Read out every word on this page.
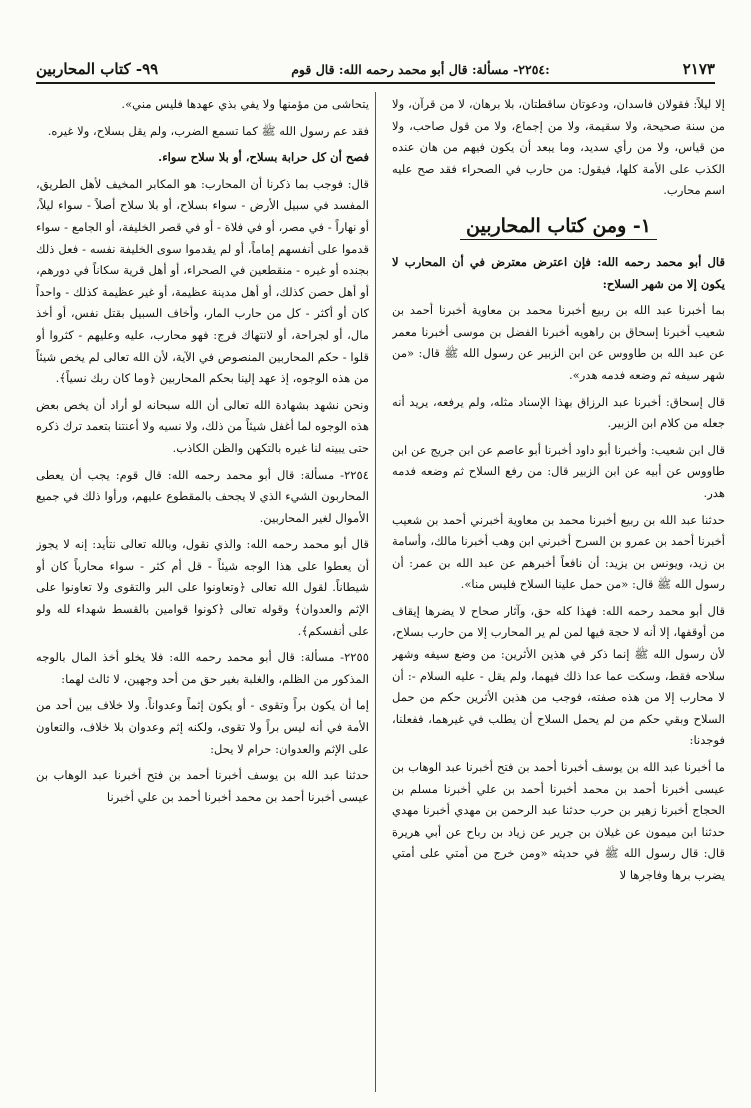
٩٩- كتاب المحاربين	٢٢٥٤- مسألة: قال أبو محمد رحمه الله: قال قوم:	٢١٧٣

إلا ليلاً: فقولان فاسدان، ودعوتان ساقطتان، بلا برهان، لا من قرآن، ولا من سنة صحيحة، ولا سقيمة، ولا من إجماع، ولا من قول صاحب، ولا من قياس، ولا من رأي سديد، وما يبعد أن يكون فيهم من هان عنده الكذب على الأمة كلها، فيقول: من حارب في الصحراء فقد صح عليه اسم محارب.

١- ومن كتاب المحاربين

قال أبو محمد رحمه الله: فإن اعترض معترض في أن المحارب لا يكون إلا من شهر السلاح:

بما أخبرنا عبد الله بن ربيع أخبرنا محمد بن معاوية أخبرنا أحمد بن شعيب أخبرنا إسحاق بن راهويه أخبرنا الفضل بن موسى أخبرنا معمر عن عبد الله بن طاووس عن ابن الزبير عن رسول الله ﷺ قال: «من شهر سيفه ثم وضعه فدمه هدر».

قال إسحاق: أخبرنا عبد الرزاق بهذا الإسناد مثله، ولم يرفعه، يريد أنه جعله من كلام ابن الزبير.

قال ابن شعيب: وأخبرنا أبو داود أخبرنا أبو عاصم عن ابن جريج عن ابن طاووس عن أبيه عن ابن الزبير قال: من رفع السلاح ثم وضعه فدمه هدر.

حدثنا عبد الله بن ربيع أخبرنا محمد بن معاوية أخبرني أحمد بن شعيب أخبرنا أحمد بن عمرو بن السرح أخبرني ابن وهب أخبرنا مالك، وأسامة بن زيد، ويونس بن يزيد: أن نافعاً أخبرهم عن عبد الله بن عمر: أن رسول الله ﷺ قال: «من حمل علينا السلاح فليس منا».

قال أبو محمد رحمه الله: فهذا كله حق، وآثار صحاح لا يضرها إيقاف من أوقفها، إلا أنه لا حجة فيها لمن لم ير المحارب إلا من حارب بسلاح، لأن رسول الله ﷺ إنما ذكر في هذين الأثرين: من وضع سيفه وشهر سلاحه فقط، وسكت عما عدا ذلك فيهما، ولم يقل - عليه السلام -: أن لا محارب إلا من هذه صفته، فوجب من هذين الأثرين حكم من حمل السلاح وبقي حكم من لم يحمل السلاح أن يطلب في غيرهما، ففعلنا، فوجدنا:

ما أخبرنا عبد الله بن يوسف أخبرنا أحمد بن فتح أخبرنا عبد الوهاب بن عيسى أخبرنا أحمد بن محمد أخبرنا أحمد بن علي أخبرنا مسلم بن الحجاج أخبرنا زهير بن حرب حدثنا عبد الرحمن بن مهدي أخبرنا مهدي حدثنا ابن ميمون عن غيلان بن جرير عن زياد بن رباح عن أبي هريرة قال: قال رسول الله ﷺ في حديثه «ومن خرج من أمتي على أمتي يضرب برها وفاجرها لا

يتحاشى من مؤمنها ولا يفي بذي عهدها فليس مني».

فقد عم رسول الله ﷺ كما تسمع الضرب، ولم يقل بسلاح، ولا غيره.

فصح أن كل حرابة بسلاح، أو بلا سلاح سواء.

قال: فوجب بما ذكرنا أن المحارب: هو المكابر المخيف لأهل الطريق، المفسد في سبيل الأرض - سواء بسلاح، أو بلا سلاح أصلاً - سواء ليلاً، أو نهاراً - في مصر، أو في فلاة - أو في قصر الخليفة، أو الجامع - سواء قدموا على أنفسهم إماماً، أو لم يقدموا سوى الخليفة نفسه - فعل ذلك بجنده أو غيره - منقطعين في الصحراء، أو أهل قرية سكاناً في دورهم، أو أهل حصن كذلك، أو أهل مدينة عظيمة، أو غير عظيمة كذلك - واحداً كان أو أكثر - كل من حارب المار، وأخاف السبيل بقتل نفس، أو أخذ مال، أو لجراحة، أو لانتهاك فرج: فهو محارب، عليه وعليهم - كثروا أو قلوا - حكم المحاربين المنصوص في الآية، لأن الله تعالى لم يخص شيئاً من هذه الوجوه، إذ عهد إلينا بحكم المحاربين ﴿وما كان ربك نسياً﴾.

ونحن نشهد بشهادة الله تعالى أن الله سبحانه لو أراد أن يخص بعض هذه الوجوه لما أغفل شيئاً من ذلك، ولا نسيه ولا أعنتنا بتعمد ترك ذكره حتى يبينه لنا غيره بالتكهن والظن الكاذب.

٢٢٥٤- مسألة: قال أبو محمد رحمه الله: قال قوم: يجب أن يعطى المحاربون الشيء الذي لا يجحف بالمقطوع عليهم، ورأوا ذلك في جميع الأموال لغير المحاربين.

قال أبو محمد رحمه الله: والذي نقول، وبالله تعالى نتأيد: إنه لا يجوز أن يعطوا على هذا الوجه شيئاً - قل أم كثر - سواء محارباً كان أو شيطاناً. لقول الله تعالى ﴿وتعاونوا على البر والتقوى ولا تعاونوا على الإثم والعدوان﴾ وقوله تعالى ﴿كونوا قوامين بالقسط شهداء لله ولو على أنفسكم﴾.

٢٢٥٥- مسألة: قال أبو محمد رحمه الله: فلا يخلو أخذ المال بالوجه المذكور من الظلم، والغلبة بغير حق من أحد وجهين، لا ثالث لهما:

إما أن يكون براً وتقوى - أو يكون إثماً وعدواناً. ولا خلاف بين أحد من الأمة في أنه ليس براً ولا تقوى، ولكنه إثم وعدوان بلا خلاف، والتعاون على الإثم والعدوان: حرام لا يحل:

حدثنا عبد الله بن يوسف أخبرنا أحمد بن فتح أخبرنا عبد الوهاب بن عيسى أخبرنا أحمد بن محمد أخبرنا أحمد بن علي أخبرنا
